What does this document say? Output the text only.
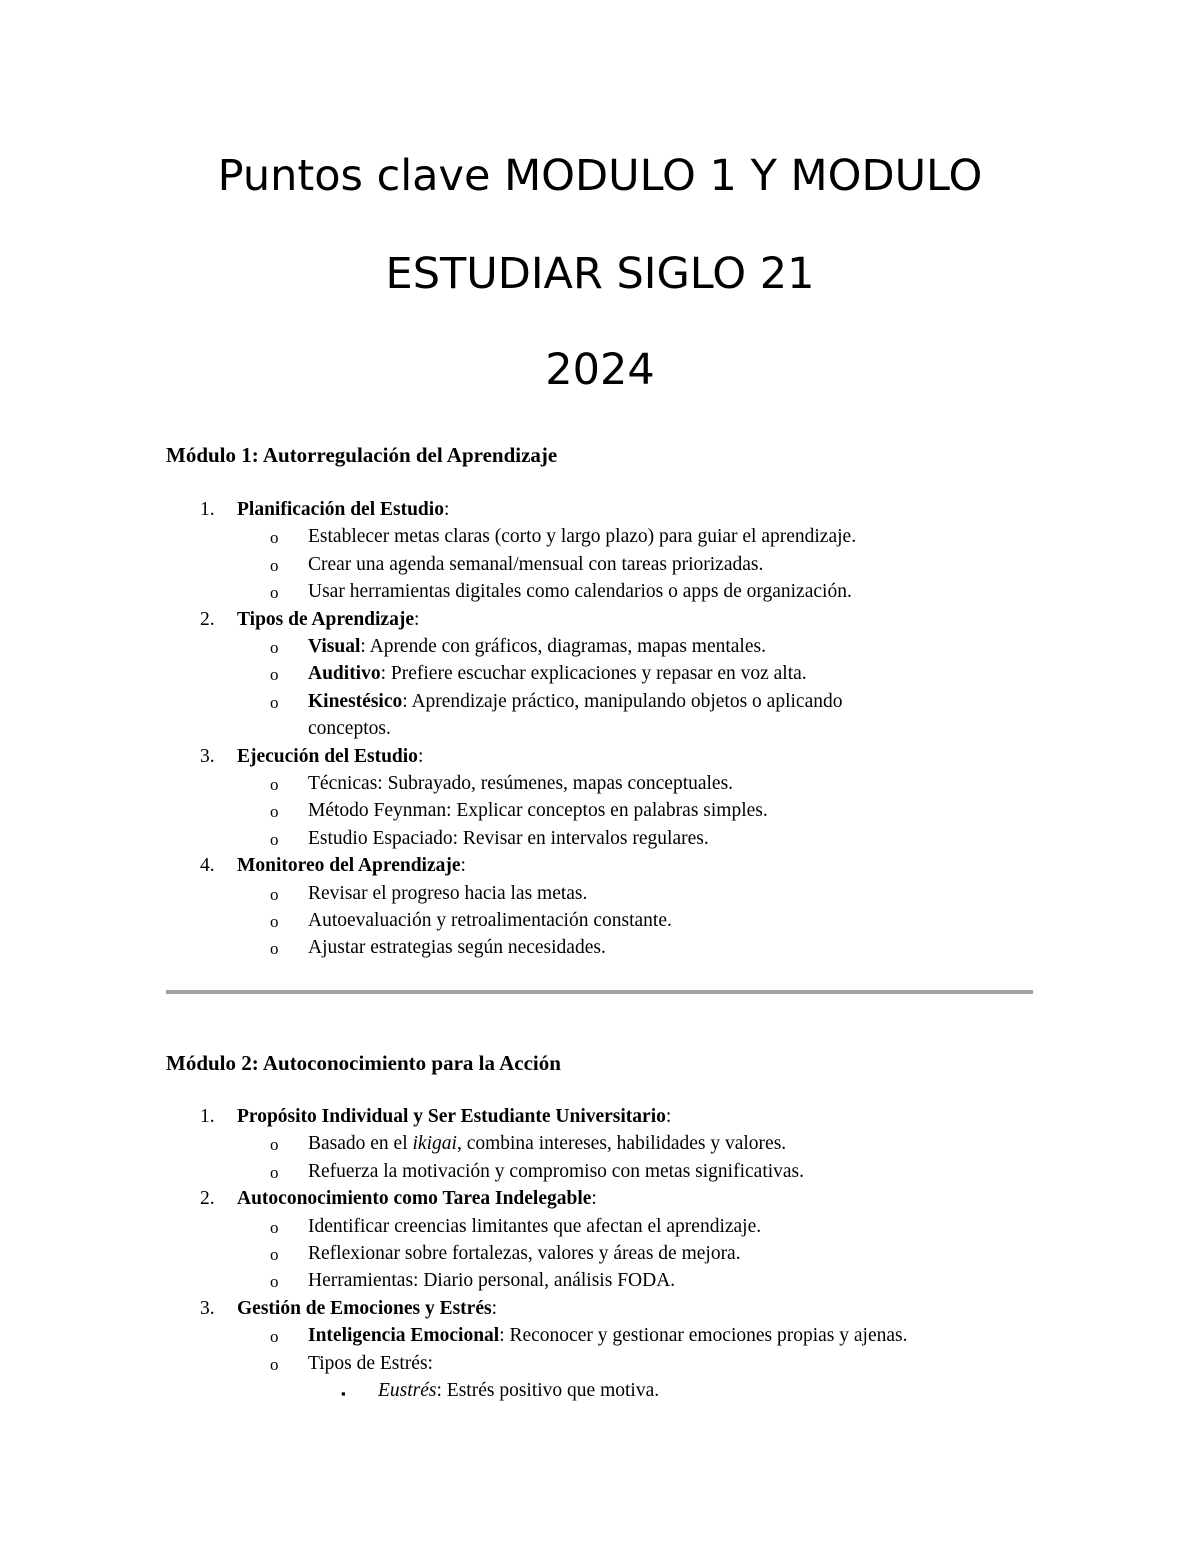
Puntos clave MODULO 1 Y MODULO
ESTUDIAR SIGLO 21
2024
Módulo 1: Autorregulación del Aprendizaje
1.	Planificación del Estudio:
o Establecer metas claras (corto y largo plazo) para guiar el aprendizaje.
o Crear una agenda semanal/mensual con tareas priorizadas.
o Usar herramientas digitales como calendarios o apps de organización.
2.	Tipos de Aprendizaje:
o Visual: Aprende con gráficos, diagramas, mapas mentales.
o Auditivo: Prefiere escuchar explicaciones y repasar en voz alta.
o Kinestésico: Aprendizaje práctico, manipulando objetos o aplicando
conceptos.
3.	Ejecución del Estudio:
o Técnicas: Subrayado, resúmenes, mapas conceptuales.
o Método Feynman: Explicar conceptos en palabras simples.
o Estudio Espaciado: Revisar en intervalos regulares.
4.	Monitoreo del Aprendizaje:
o Revisar el progreso hacia las metas.
o Autoevaluación y retroalimentación constante.
o Ajustar estrategias según necesidades.
Módulo 2: Autoconocimiento para la Acción
1.	Propósito Individual y Ser Estudiante Universitario:
o Basado en el ikigai, combina intereses, habilidades y valores.
o Refuerza la motivación y compromiso con metas significativas.
2.	Autoconocimiento como Tarea Indelegable:
o Identificar creencias limitantes que afectan el aprendizaje.
o Reflexionar sobre fortalezas, valores y áreas de mejora.
o Herramientas: Diario personal, análisis FODA.
3.	Gestión de Emociones y Estrés:
o Inteligencia Emocional: Reconocer y gestionar emociones propias y ajenas.
o Tipos de Estrés:
▪ Eustrés: Estrés positivo que motiva.
